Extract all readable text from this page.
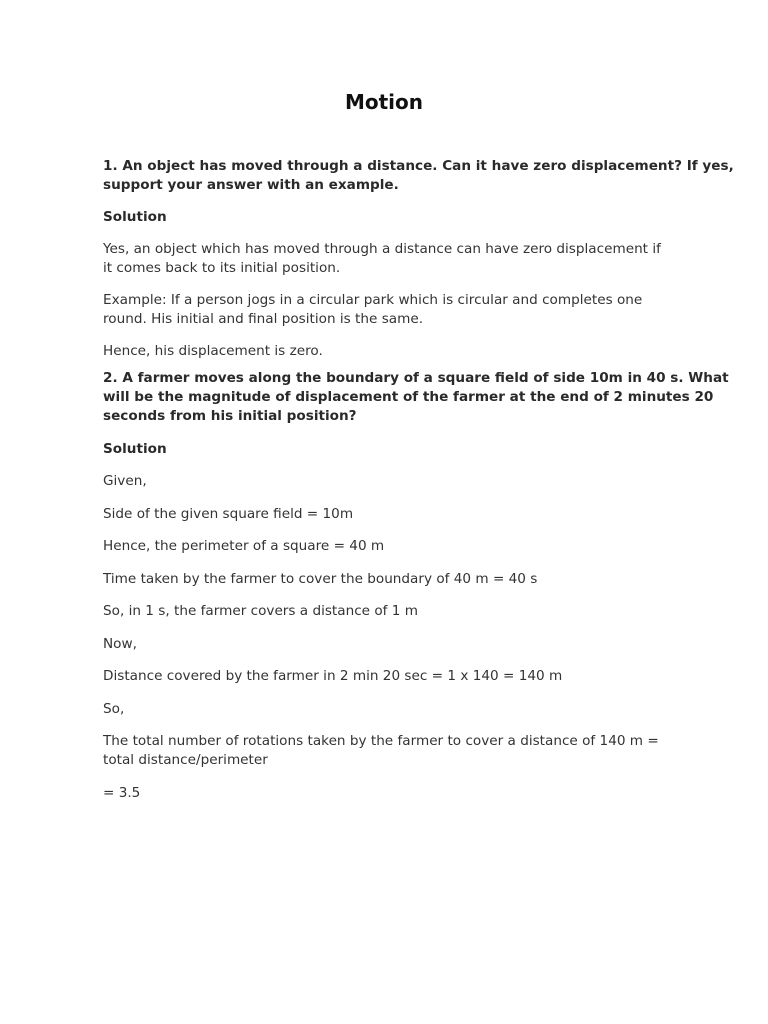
Motion
1. An object has moved through a distance. Can it have zero displacement? If yes,
support your answer with an example.
Solution
Yes, an object which has moved through a distance can have zero displacement if
it comes back to its initial position.
Example: If a person jogs in a circular park which is circular and completes one
round. His initial and final position is the same.
Hence, his displacement is zero.
2. A farmer moves along the boundary of a square field of side 10m in 40 s. What
will be the magnitude of displacement of the farmer at the end of 2 minutes 20
seconds from his initial position?
Solution
Given,
Side of the given square field = 10m
Hence, the perimeter of a square = 40 m
Time taken by the farmer to cover the boundary of 40 m = 40 s
So, in 1 s, the farmer covers a distance of 1 m
Now,
Distance covered by the farmer in 2 min 20 sec = 1 x 140 = 140 m
So,
The total number of rotations taken by the farmer to cover a distance of 140 m =
total distance/perimeter
= 3.5
